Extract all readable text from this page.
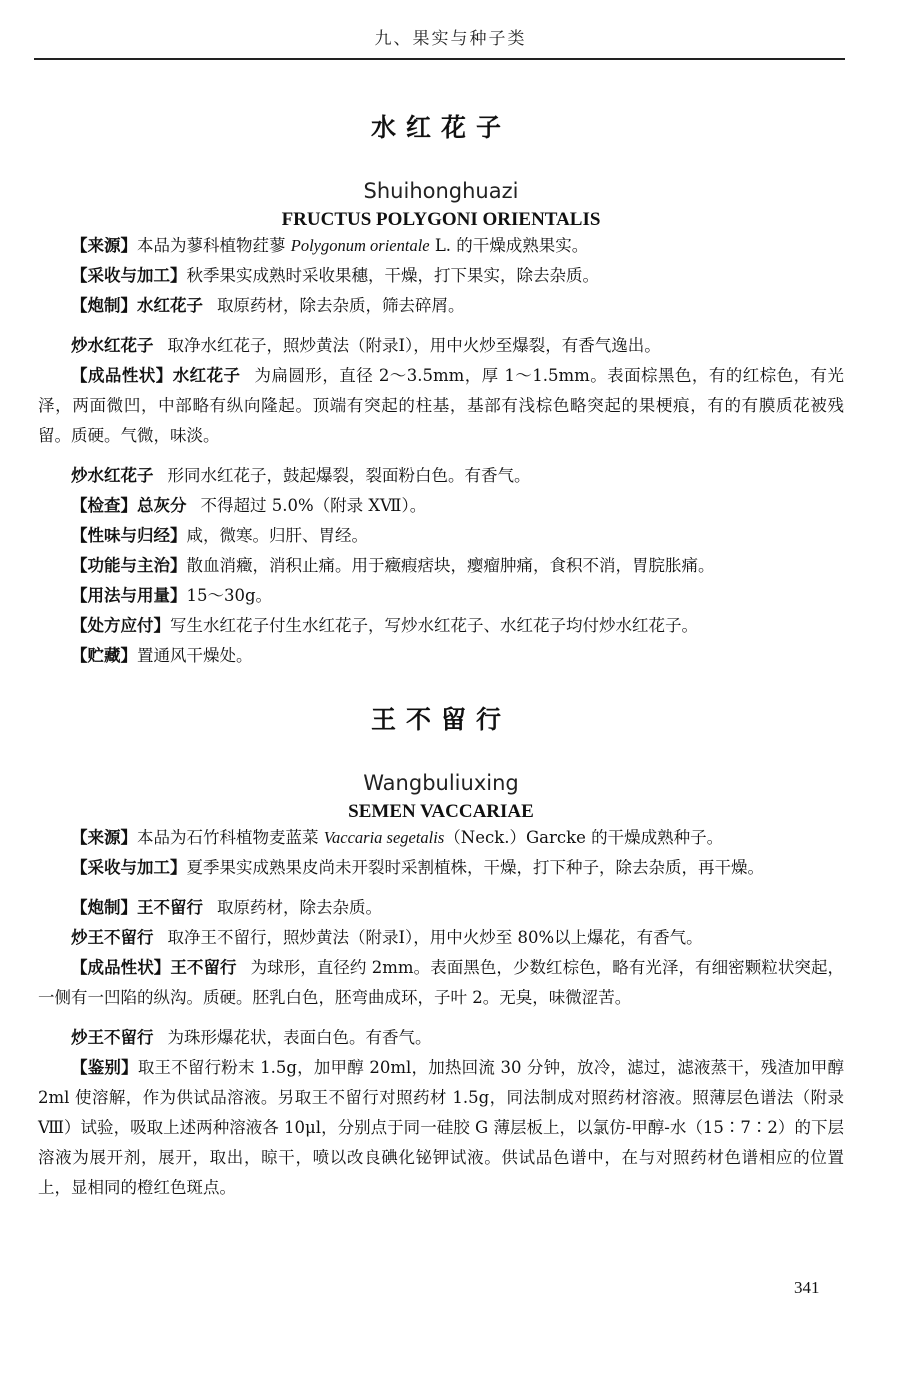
九、果实与种子类
水红花子
Shuihonghuazi
FRUCTUS POLYGONI ORIENTALIS

【来源】本品为蓼科植物荭蓼 Polygonum orientale L. 的干燥成熟果实。

【采收与加工】秋季果实成熟时采收果穗，干燥，打下果实，除去杂质。

【炮制】水红花子 取原药材，除去杂质，筛去碎屑。

炒水红花子 取净水红花子，照炒黄法（附录Ⅰ），用中火炒至爆裂，有香气逸出。

【成品性状】水红花子 为扁圆形，直径 2～3.5mm，厚 1～1.5mm。表面棕黑色，有的红棕色，有光泽，两面微凹，中部略有纵向隆起。顶端有突起的柱基，基部有浅棕色略突起的果梗痕，有的有膜质花被残留。质硬。气微，味淡。

炒水红花子 形同水红花子，鼓起爆裂，裂面粉白色。有香气。

【检查】总灰分 不得超过 5.0%（附录 XⅦ）。

【性味与归经】咸，微寒。归肝、胃经。

【功能与主治】散血消癥，消积止痛。用于癥瘕痞块，瘿瘤肿痛，食积不消，胃脘胀痛。

【用法与用量】15～30g。

【处方应付】写生水红花子付生水红花子，写炒水红花子、水红花子均付炒水红花子。

【贮藏】置通风干燥处。

王不留行
Wangbuliuxing
SEMEN VACCARIAE

【来源】本品为石竹科植物麦蓝菜 Vaccaria segetalis（Neck.）Garcke 的干燥成熟种子。

【采收与加工】夏季果实成熟果皮尚未开裂时采割植株，干燥，打下种子，除去杂质，再干燥。

【炮制】王不留行 取原药材，除去杂质。

炒王不留行 取净王不留行，照炒黄法（附录Ⅰ），用中火炒至 80%以上爆花，有香气。

【成品性状】王不留行 为球形，直径约 2mm。表面黑色，少数红棕色，略有光泽，有细密颗粒状突起，一侧有一凹陷的纵沟。质硬。胚乳白色，胚弯曲成环，子叶 2。无臭，味微涩苦。

炒王不留行 为珠形爆花状，表面白色。有香气。

【鉴别】取王不留行粉末 1.5g，加甲醇 20ml，加热回流 30 分钟，放冷，滤过，滤液蒸干，残渣加甲醇 2ml 使溶解，作为供试品溶液。另取王不留行对照药材 1.5g，同法制成对照药材溶液。照薄层色谱法（附录Ⅷ）试验，吸取上述两种溶液各 10μl，分别点于同一硅胶 G 薄层板上，以氯仿-甲醇-水（15∶7∶2）的下层溶液为展开剂，展开，取出，晾干，喷以改良碘化铋钾试液。供试品色谱中，在与对照药材色谱相应的位置上，显相同的橙红色斑点。

341
